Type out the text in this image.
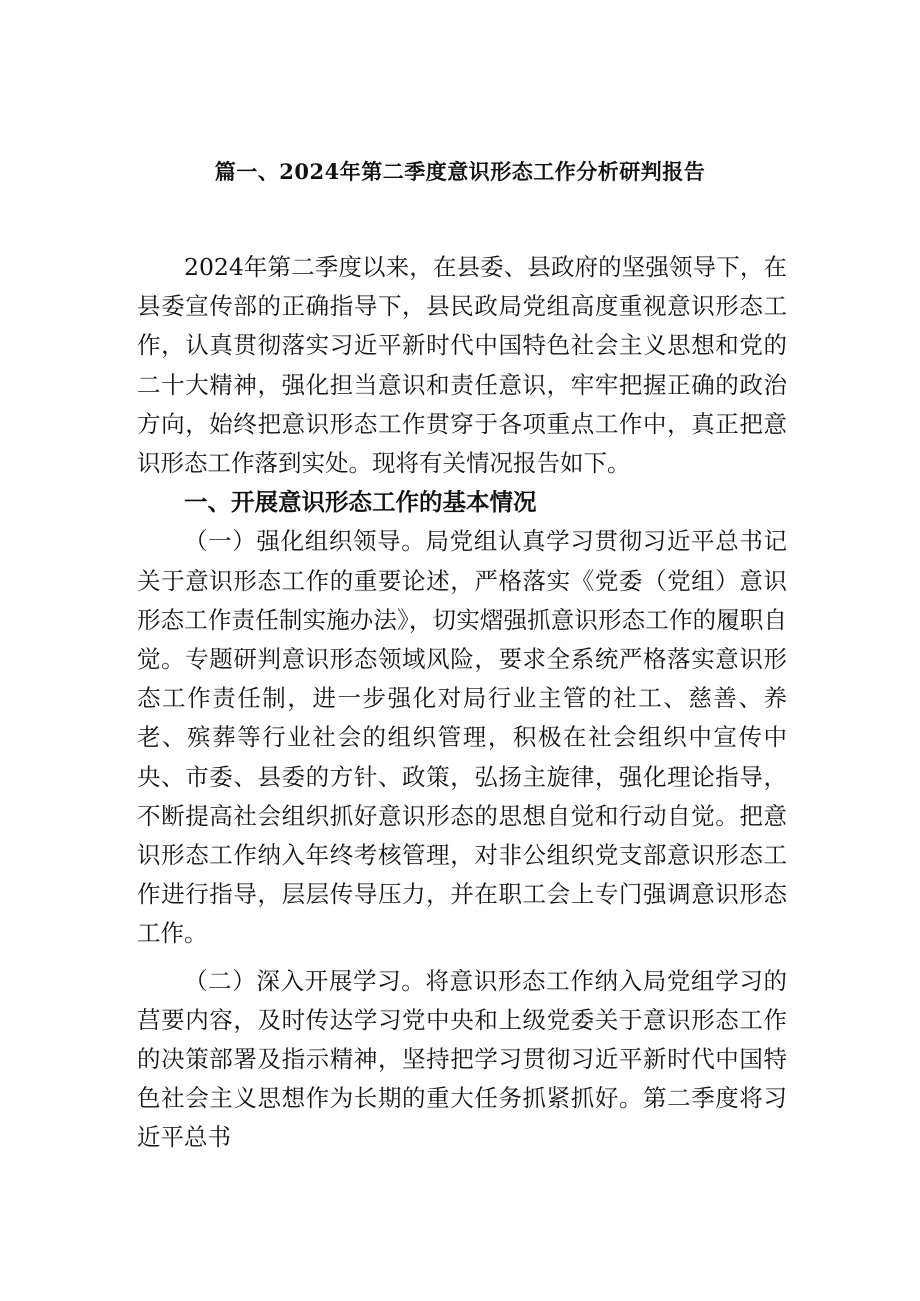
篇一、2024年第二季度意识形态工作分析研判报告

2024年第二季度以来，在县委、县政府的坚强领导下，在县委宣传部的正确指导下，县民政局党组高度重视意识形态工作，认真贯彻落实习近平新时代中国特色社会主义思想和党的二十大精神，强化担当意识和责任意识，牢牢把握正确的政治方向，始终把意识形态工作贯穿于各项重点工作中，真正把意识形态工作落到实处。现将有关情况报告如下。

一、开展意识形态工作的基本情况

（一）强化组织领导。局党组认真学习贯彻习近平总书记关于意识形态工作的重要论述，严格落实《党委（党组）意识形态工作责任制实施办法》，切实熠强抓意识形态工作的履职自觉。专题研判意识形态领域风险，要求全系统严格落实意识形态工作责任制，进一步强化对局行业主管的社工、慈善、养老、殡葬等行业社会的组织管理，积极在社会组织中宣传中央、市委、县委的方针、政策，弘扬主旋律，强化理论指导，不断提高社会组织抓好意识形态的思想自觉和行动自觉。把意识形态工作纳入年终考核管理，对非公组织党支部意识形态工作进行指导，层层传导压力，并在职工会上专门强调意识形态工作。

（二）深入开展学习。将意识形态工作纳入局党组学习的莒要内容，及时传达学习党中央和上级党委关于意识形态工作的决策部署及指示精神，坚持把学习贯彻习近平新时代中国特色社会主义思想作为长期的重大任务抓紧抓好。第二季度将习近平总书
